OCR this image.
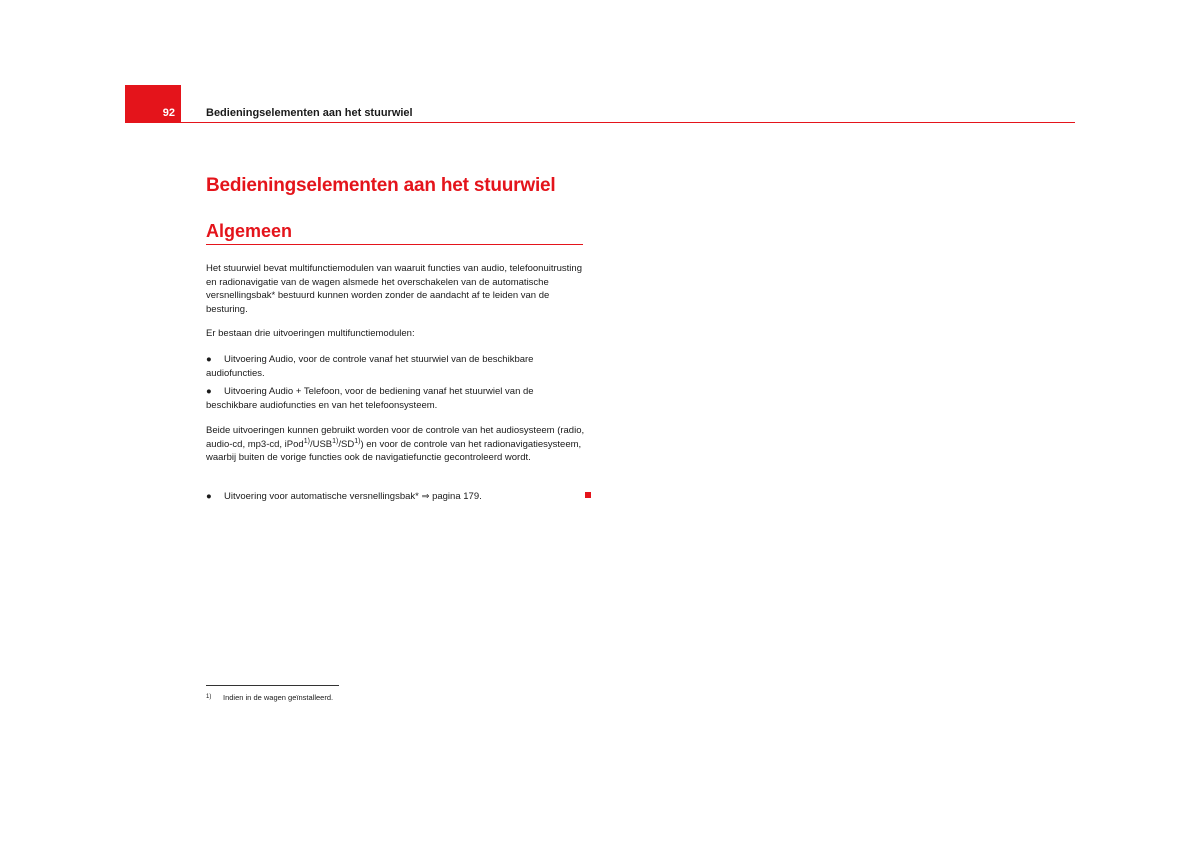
92	Bedieningselementen aan het stuurwiel
Bedieningselementen aan het stuurwiel
Algemeen
Het stuurwiel bevat multifunctiemodulen van waaruit functies van audio, telefoonuitrusting en radionavigatie van de wagen alsmede het overschakelen van de automatische versnellingsbak* bestuurd kunnen worden zonder de aandacht af te leiden van de besturing.
Er bestaan drie uitvoeringen multifunctiemodulen:
● Uitvoering Audio, voor de controle vanaf het stuurwiel van de beschikbare audiofuncties.
● Uitvoering Audio + Telefoon, voor de bediening vanaf het stuurwiel van de beschikbare audiofuncties en van het telefoonsysteem.
Beide uitvoeringen kunnen gebruikt worden voor de controle van het audiosysteem (radio, audio-cd, mp3-cd, iPod$^{1)}$/USB$^{1)}$/SD$^{1)}$) en voor de controle van het radionavigatiesysteem, waarbij buiten de vorige functies ook de navigatiefunctie gecontroleerd wordt.
● Uitvoering voor automatische versnellingsbak* ⇒ pagina 179.
1) Indien in de wagen geïnstalleerd.
